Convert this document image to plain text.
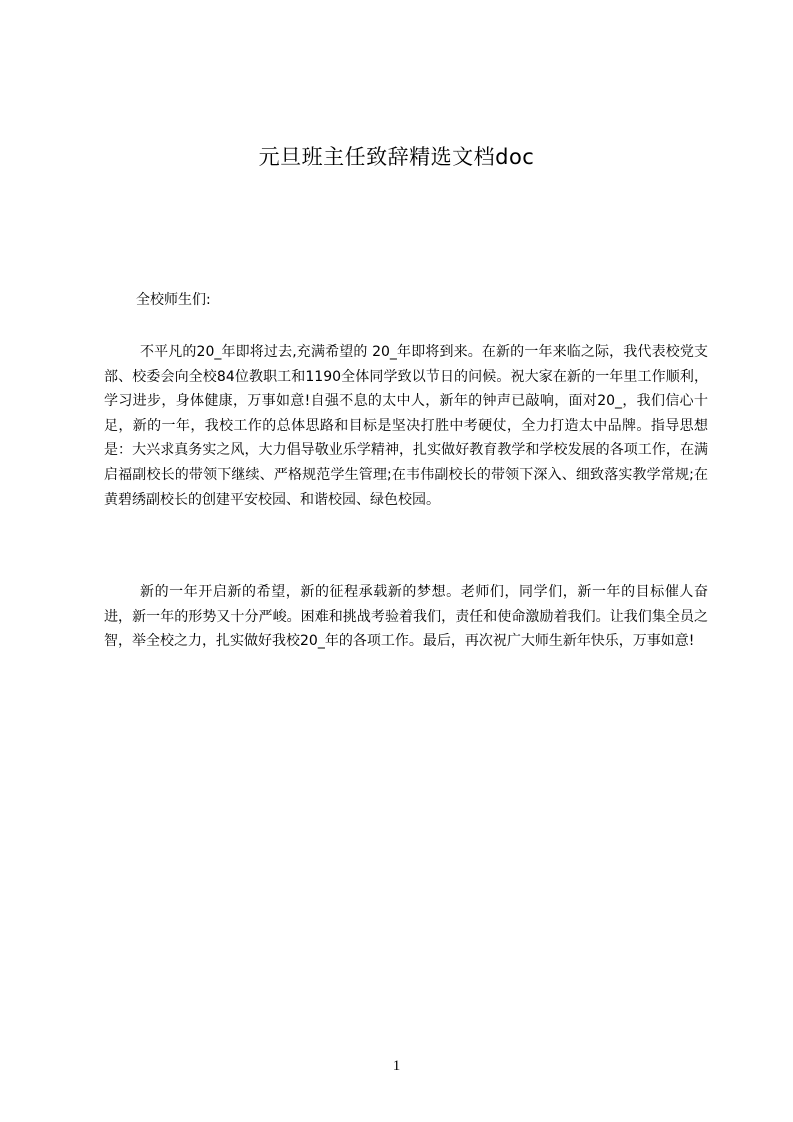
元旦班主任致辞精选文档doc
全校师生们:
不平凡的20_年即将过去,充满希望的 20_年即将到来。在新的一年来临之际，我代表校党支部、校委会向全校84位教职工和1190全体同学致以节日的问候。祝大家在新的一年里工作顺利，学习进步，身体健康，万事如意!自强不息的太中人，新年的钟声已敲响，面对20_，我们信心十足，新的一年，我校工作的总体思路和目标是坚决打胜中考硬仗，全力打造太中品牌。指导思想是：大兴求真务实之风，大力倡导敬业乐学精神，扎实做好教育教学和学校发展的各项工作，在满启福副校长的带领下继续、严格规范学生管理;在韦伟副校长的带领下深入、细致落实教学常规;在黄碧绣副校长的创建平安校园、和谐校园、绿色校园。
新的一年开启新的希望，新的征程承载新的梦想。老师们，同学们，新一年的目标催人奋进，新一年的形势又十分严峻。困难和挑战考验着我们，责任和使命激励着我们。让我们集全员之智，举全校之力，扎实做好我校20_年的各项工作。最后，再次祝广大师生新年快乐，万事如意!
1
